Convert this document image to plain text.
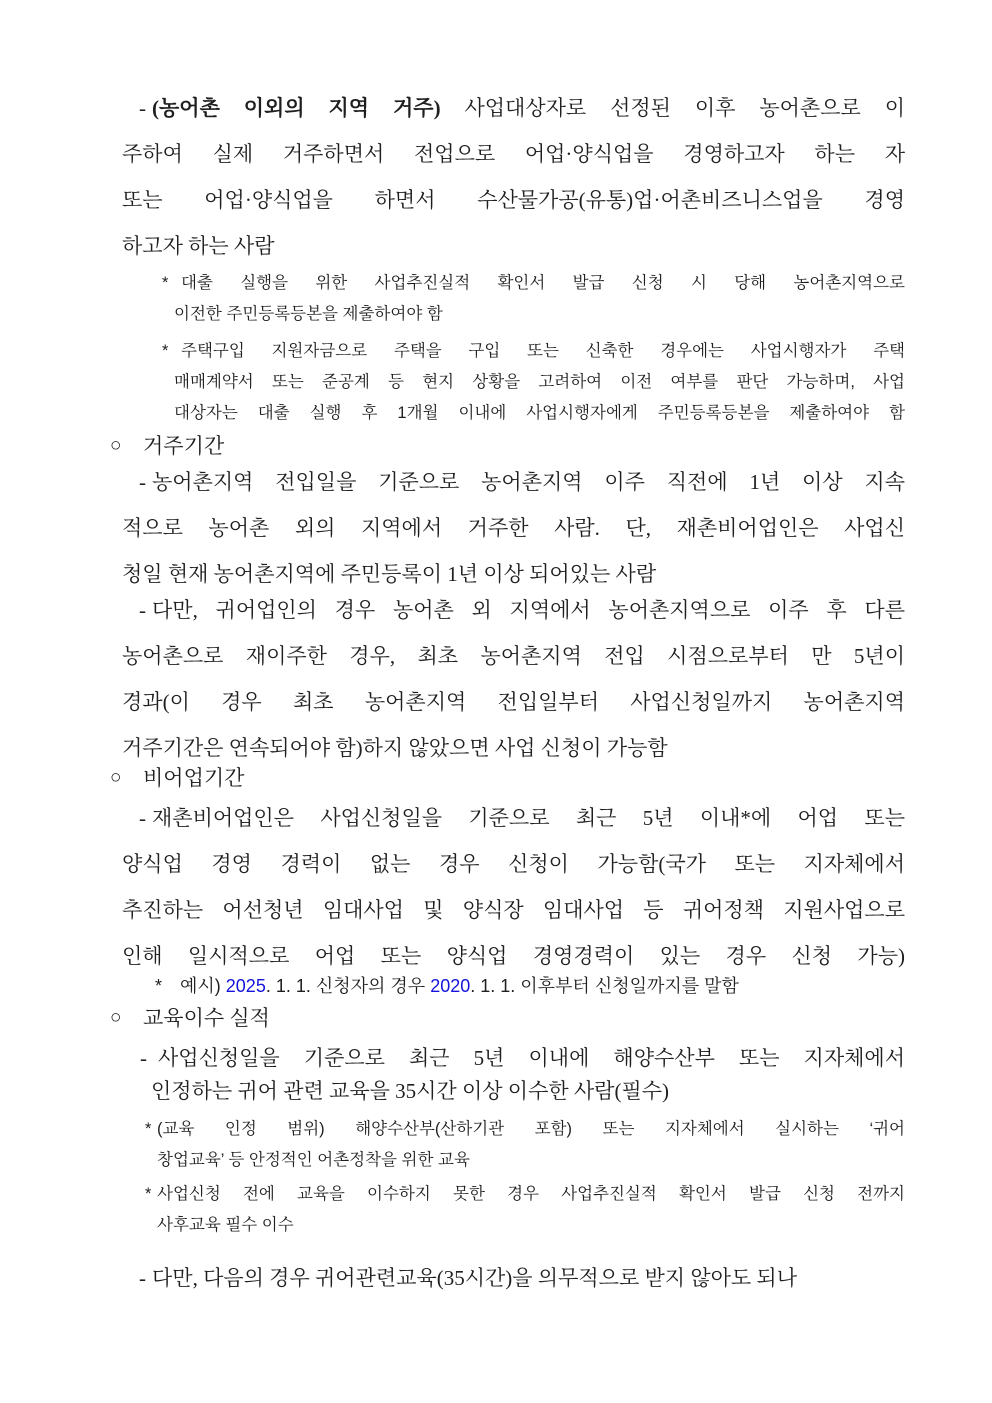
- (농어촌 이외의 지역 거주) 사업대상자로 선정된 이후 농어촌으로 이
주하여 실제 거주하면서 전업으로 어업·양식업을 경영하고자 하는 자
또는 어업·양식업을 하면서 수산물가공(유통)업·어촌비즈니스업을 경영
하고자 하는 사람
* 대출 실행을 위한 사업추진실적 확인서 발급 신청 시 당해 농어촌지역으로
이전한 주민등록등본을 제출하여야 함
* 주택구입 지원자금으로 주택을 구입 또는 신축한 경우에는 사업시행자가 주택
매매계약서 또는 준공계 등 현지 상황을 고려하여 이전 여부를 판단 가능하며, 사업
대상자는 대출 실행 후 1개월 이내에 사업시행자에게 주민등록등본을 제출하여야 함
○ 거주기간
- 농어촌지역 전입일을 기준으로 농어촌지역 이주 직전에 1년 이상 지속
적으로 농어촌 외의 지역에서 거주한 사람. 단, 재촌비어업인은 사업신
청일 현재 농어촌지역에 주민등록이 1년 이상 되어있는 사람
- 다만, 귀어업인의 경우 농어촌 외 지역에서 농어촌지역으로 이주 후 다른
농어촌으로 재이주한 경우, 최초 농어촌지역 전입 시점으로부터 만 5년이
경과(이 경우 최초 농어촌지역 전입일부터 사업신청일까지 농어촌지역
거주기간은 연속되어야 함)하지 않았으면 사업 신청이 가능함
○ 비어업기간
- 재촌비어업인은 사업신청일을 기준으로 최근 5년 이내*에 어업 또는
양식업 경영 경력이 없는 경우 신청이 가능함(국가 또는 지자체에서
추진하는 어선청년 임대사업 및 양식장 임대사업 등 귀어정책 지원사업으로
인해 일시적으로 어업 또는 양식업 경영경력이 있는 경우 신청 가능)
* 예시) 2025. 1. 1. 신청자의 경우 2020. 1. 1. 이후부터 신청일까지를 말함
○ 교육이수 실적
- 사업신청일을 기준으로 최근 5년 이내에 해양수산부 또는 지자체에서
인정하는 귀어 관련 교육을 35시간 이상 이수한 사람(필수)
* (교육 인정 범위) 해양수산부(산하기관 포함) 또는 지자체에서 실시하는 ‘귀어
창업교육’ 등 안정적인 어촌정착을 위한 교육
* 사업신청 전에 교육을 이수하지 못한 경우 사업추진실적 확인서 발급 신청 전까지
사후교육 필수 이수
- 다만, 다음의 경우 귀어관련교육(35시간)을 의무적으로 받지 않아도 되나
